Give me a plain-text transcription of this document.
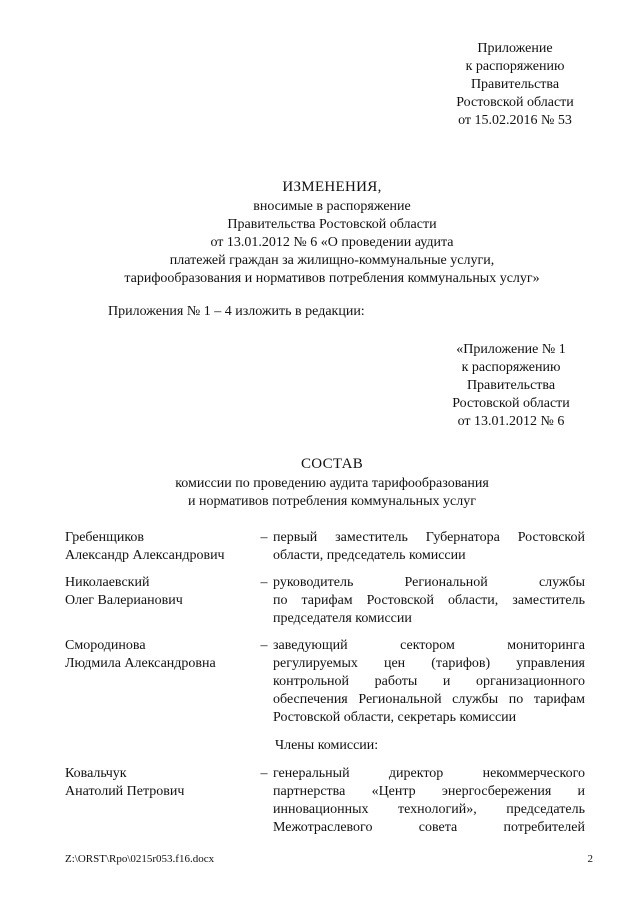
Приложение
к распоряжению
Правительства
Ростовской области
от 15.02.2016 № 53
ИЗМЕНЕНИЯ,
вносимые в распоряжение
Правительства Ростовской области
от 13.01.2012 № 6 «О проведении аудита
платежей граждан за жилищно-коммунальные услуги,
тарифообразования и нормативов потребления коммунальных услуг»
Приложения № 1 – 4 изложить в редакции:
«Приложение № 1
к распоряжению
Правительства
Ростовской области
от 13.01.2012 № 6
СОСТАВ
комиссии по проведению аудита тарифообразования
и нормативов потребления коммунальных услуг
Гребенщиков
Александр Александрович
– первый заместитель Губернатора Ростовской
области, председатель комиссии
Николаевский
Олег Валерианович
– руководитель Региональной службы
по тарифам Ростовской области, заместитель
председателя комиссии
Смородинова
Людмила Александровна
– заведующий сектором мониторинга
регулируемых цен (тарифов) управления
контрольной работы и организационного
обеспечения Региональной службы по тарифам
Ростовской области, секретарь комиссии
Члены комиссии:
Ковальчук
Анатолий Петрович
– генеральный директор некоммерческого
партнерства «Центр энергосбережения и
инновационных технологий», председатель
Межотраслевого совета потребителей
Z:\ORST\Rpo\0215r053.f16.docx	2
